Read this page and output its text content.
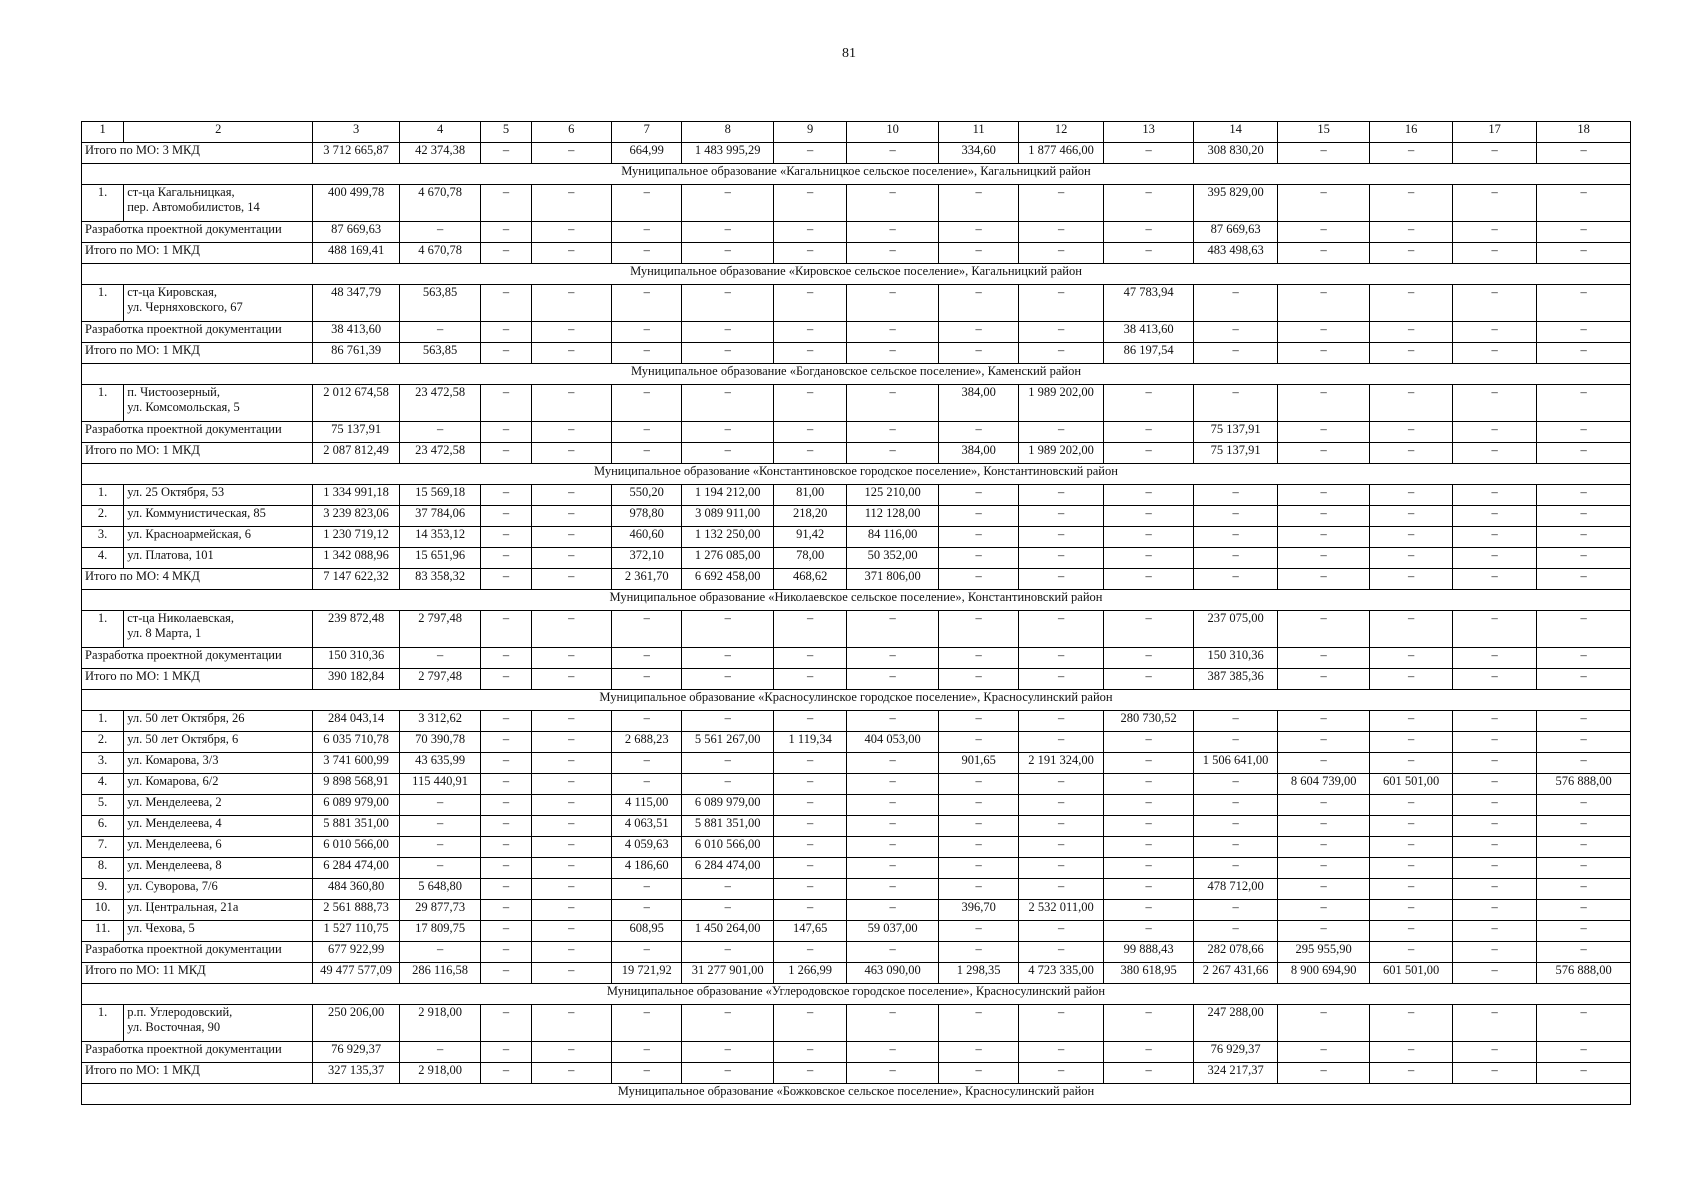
81
1	2	3	4	5	6	7	8	9	10	11	12	13	14	15	16	17	18
Итого по МО: 3 МКД		3 712 665,87	42 374,38	–	–	664,99	1 483 995,29	–	–	334,60	1 877 466,00	–	308 830,20	–	–	–	–
Муниципальное образование «Кагальницкое сельское поселение», Кагальницкий район																	
1.	ст-ца Кагальницкая,
пер. Автомобилистов, 14	400 499,78	4 670,78	–	–	–	–	–	–	–	–	–	395 829,00	–	–	–	–
Разработка проектной документации		87 669,63	–	–	–	–	–	–	–	–	–	–	87 669,63	–	–	–	–
Итого по МО: 1 МКД		488 169,41	4 670,78	–	–	–	–	–	–	–	–	–	483 498,63	–	–	–	–
Муниципальное образование «Кировское сельское поселение», Кагальницкий район																	
1.	ст-ца Кировская,
ул. Черняховского, 67	48 347,79	563,85	–	–	–	–	–	–	–	–	47 783,94	–	–	–	–	–
Разработка проектной документации		38 413,60	–	–	–	–	–	–	–	–	–	38 413,60	–	–	–	–	–
Итого по МО: 1 МКД		86 761,39	563,85	–	–	–	–	–	–	–	–	86 197,54	–	–	–	–	–
Муниципальное образование «Богдановское сельское поселение», Каменский район																	
1.	п. Чистоозерный,
ул. Комсомольская, 5	2 012 674,58	23 472,58	–	–	–	–	–	–	384,00	1 989 202,00	–	–	–	–	–	–
Разработка проектной документации		75 137,91	–	–	–	–	–	–	–	–	–	–	75 137,91	–	–	–	–
Итого по МО: 1 МКД		2 087 812,49	23 472,58	–	–	–	–	–	–	384,00	1 989 202,00	–	75 137,91	–	–	–	–
Муниципальное образование «Константиновское городское поселение», Константиновский район																	
1.	ул. 25 Октября, 53	1 334 991,18	15 569,18	–	–	550,20	1 194 212,00	81,00	125 210,00	–	–	–	–	–	–	–	–
2.	ул. Коммунистическая, 85	3 239 823,06	37 784,06	–	–	978,80	3 089 911,00	218,20	112 128,00	–	–	–	–	–	–	–	–
3.	ул. Красноармейская, 6	1 230 719,12	14 353,12	–	–	460,60	1 132 250,00	91,42	84 116,00	–	–	–	–	–	–	–	–
4.	ул. Платова, 101	1 342 088,96	15 651,96	–	–	372,10	1 276 085,00	78,00	50 352,00	–	–	–	–	–	–	–	–
Итого по МО: 4 МКД		7 147 622,32	83 358,32	–	–	2 361,70	6 692 458,00	468,62	371 806,00	–	–	–	–	–	–	–	–
Муниципальное образование «Николаевское сельское поселение», Константиновский район																	
1.	ст-ца Николаевская,
ул. 8 Марта, 1	239 872,48	2 797,48	–	–	–	–	–	–	–	–	–	237 075,00	–	–	–	–
Разработка проектной документации		150 310,36	–	–	–	–	–	–	–	–	–	–	150 310,36	–	–	–	–
Итого по МО: 1 МКД		390 182,84	2 797,48	–	–	–	–	–	–	–	–	–	387 385,36	–	–	–	–
Муниципальное образование «Красносулинское городское поселение», Красносулинский район																	
1.	ул. 50 лет Октября, 26	284 043,14	3 312,62	–	–	–	–	–	–	–	–	280 730,52	–	–	–	–	–
2.	ул. 50 лет Октября, 6	6 035 710,78	70 390,78	–	–	2 688,23	5 561 267,00	1 119,34	404 053,00	–	–	–	–	–	–	–	–
3.	ул. Комарова, 3/3	3 741 600,99	43 635,99	–	–	–	–	–	–	901,65	2 191 324,00	–	1 506 641,00	–	–	–	–
4.	ул. Комарова, 6/2	9 898 568,91	115 440,91	–	–	–	–	–	–	–	–	–	–	8 604 739,00	601 501,00	–	576 888,00
5.	ул. Менделеева, 2	6 089 979,00	–	–	–	4 115,00	6 089 979,00	–	–	–	–	–	–	–	–	–	–
6.	ул. Менделеева, 4	5 881 351,00	–	–	–	4 063,51	5 881 351,00	–	–	–	–	–	–	–	–	–	–
7.	ул. Менделеева, 6	6 010 566,00	–	–	–	4 059,63	6 010 566,00	–	–	–	–	–	–	–	–	–	–
8.	ул. Менделеева, 8	6 284 474,00	–	–	–	4 186,60	6 284 474,00	–	–	–	–	–	–	–	–	–	–
9.	ул. Суворова, 7/6	484 360,80	5 648,80	–	–	–	–	–	–	–	–	–	478 712,00	–	–	–	–
10.	ул. Центральная, 21а	2 561 888,73	29 877,73	–	–	–	–	–	–	396,70	2 532 011,00	–	–	–	–	–	–
11.	ул. Чехова, 5	1 527 110,75	17 809,75	–	–	608,95	1 450 264,00	147,65	59 037,00	–	–	–	–	–	–	–	–
Разработка проектной документации		677 922,99	–	–	–	–	–	–	–	–	–	99 888,43	282 078,66	295 955,90	–	–	–
Итого по МО: 11 МКД		49 477 577,09	286 116,58	–	–	19 721,92	31 277 901,00	1 266,99	463 090,00	1 298,35	4 723 335,00	380 618,95	2 267 431,66	8 900 694,90	601 501,00	–	576 888,00
Муниципальное образование «Углеродовское городское поселение», Красносулинский район																	
1.	р.п. Углеродовский,
ул. Восточная, 90	250 206,00	2 918,00	–	–	–	–	–	–	–	–	–	247 288,00	–	–	–	–
Разработка проектной документации		76 929,37	–	–	–	–	–	–	–	–	–	–	76 929,37	–	–	–	–
Итого по МО: 1 МКД		327 135,37	2 918,00	–	–	–	–	–	–	–	–	–	324 217,37	–	–	–	–
Муниципальное образование «Божковское сельское поселение», Красносулинский район																	
